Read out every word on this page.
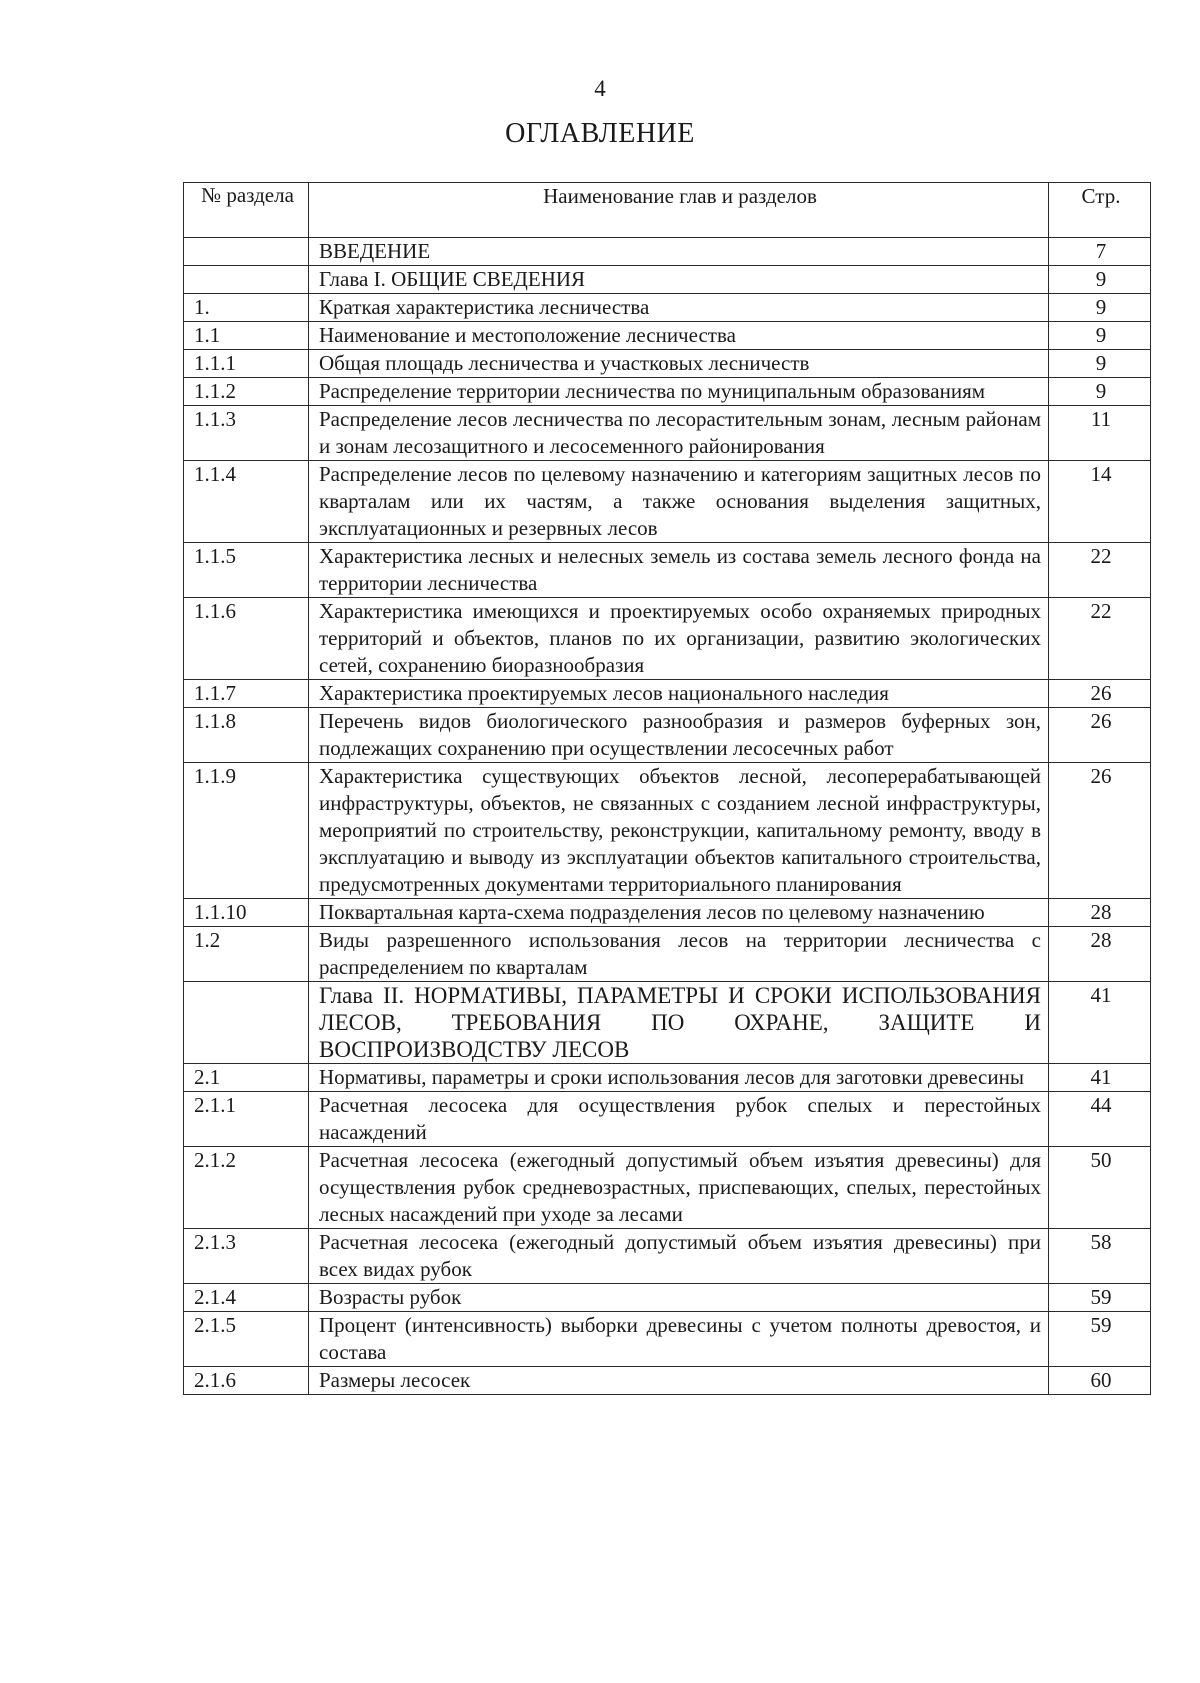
4
ОГЛАВЛЕНИЕ
№ раздела	Наименование глав и разделов	Стр.
	ВВЕДЕНИЕ	7
	Глава I. ОБЩИЕ СВЕДЕНИЯ	9
1.	Краткая характеристика лесничества	9
1.1	Наименование и местоположение лесничества	9
1.1.1	Общая площадь лесничества и участковых лесничеств	9
1.1.2	Распределение территории лесничества по муниципальным образованиям	9
1.1.3	Распределение лесов лесничества по лесорастительным зонам, лесным районам и зонам лесозащитного и лесосеменного районирования	11
1.1.4	Распределение лесов по целевому назначению и категориям защитных лесов по кварталам или их частям, а также основания выделения защитных, эксплуатационных и резервных лесов	14
1.1.5	Характеристика лесных и нелесных земель из состава земель лесного фонда на территории лесничества	22
1.1.6	Характеристика имеющихся и проектируемых особо охраняемых природных территорий и объектов, планов по их организации, развитию экологических сетей, сохранению биоразнообразия	22
1.1.7	Характеристика проектируемых лесов национального наследия	26
1.1.8	Перечень видов биологического разнообразия и размеров буферных зон, подлежащих сохранению при осуществлении лесосечных работ	26
1.1.9	Характеристика существующих объектов лесной, лесоперерабатывающей инфраструктуры, объектов, не связанных с созданием лесной инфраструктуры, мероприятий по строительству, реконструкции, капитальному ремонту, вводу в эксплуатацию и выводу из эксплуатации объектов капитального строительства, предусмотренных документами территориального планирования	26
1.1.10	Поквартальная карта-схема подразделения лесов по целевому назначению	28
1.2	Виды разрешенного использования лесов на территории лесничества с распределением по кварталам	28
	Глава II. НОРМАТИВЫ, ПАРАМЕТРЫ И СРОКИ ИСПОЛЬЗОВАНИЯ ЛЕСОВ, ТРЕБОВАНИЯ ПО ОХРАНЕ, ЗАЩИТЕ И ВОСПРОИЗВОДСТВУ ЛЕСОВ	41
2.1	Нормативы, параметры и сроки использования лесов для заготовки древесины	41
2.1.1	Расчетная лесосека для осуществления рубок спелых и перестойных насаждений	44
2.1.2	Расчетная лесосека (ежегодный допустимый объем изъятия древесины) для осуществления рубок средневозрастных, приспевающих, спелых, перестойных лесных насаждений при уходе за лесами	50
2.1.3	Расчетная лесосека (ежегодный допустимый объем изъятия древесины) при всех видах рубок	58
2.1.4	Возрасты рубок	59
2.1.5	Процент (интенсивность) выборки древесины с учетом полноты древостоя, и состава	59
2.1.6	Размеры лесосек	60
